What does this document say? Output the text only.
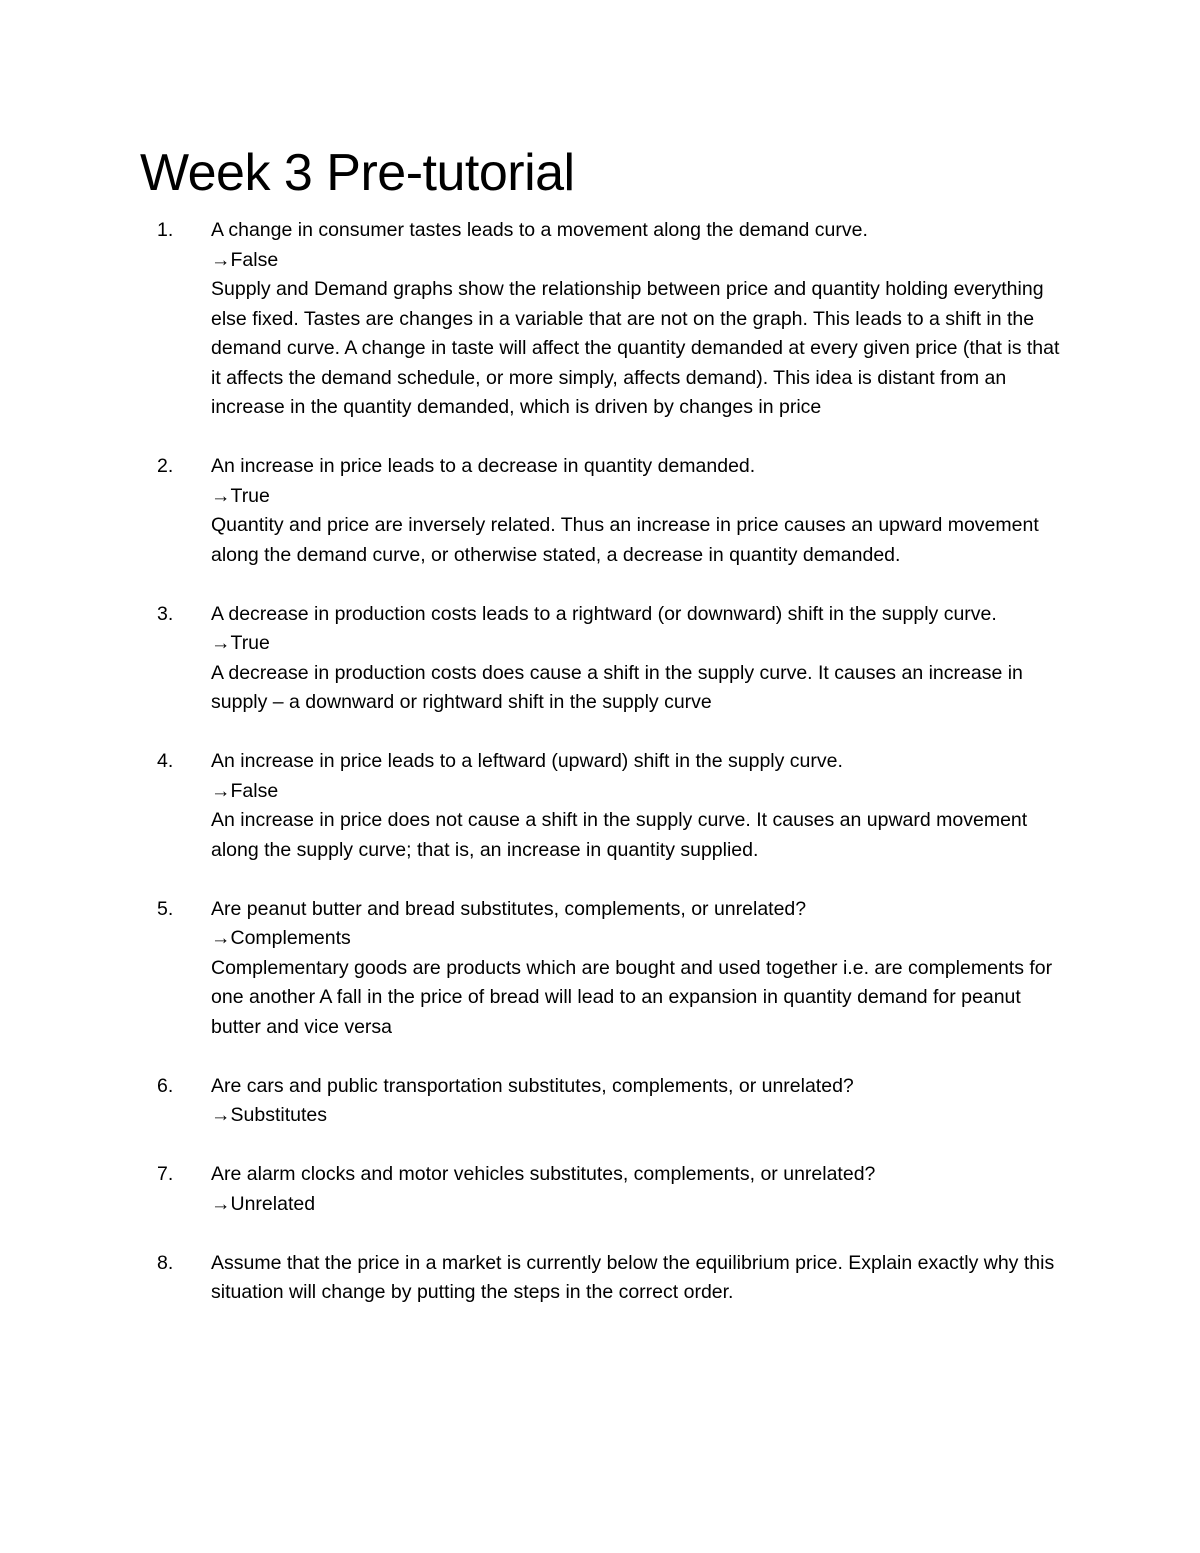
Week 3 Pre-tutorial
1. A change in consumer tastes leads to a movement along the demand curve.
→False
Supply and Demand graphs show the relationship between price and quantity holding everything else fixed. Tastes are changes in a variable that are not on the graph. This leads to a shift in the demand curve. A change in taste will affect the quantity demanded at every given price (that is that it affects the demand schedule, or more simply, affects demand). This idea is distant from an increase in the quantity demanded, which is driven by changes in price
2. An increase in price leads to a decrease in quantity demanded.
→True
Quantity and price are inversely related. Thus an increase in price causes an upward movement along the demand curve, or otherwise stated, a decrease in quantity demanded.
3. A decrease in production costs leads to a rightward (or downward) shift in the supply curve.
→True
A decrease in production costs does cause a shift in the supply curve. It causes an increase in supply – a downward or rightward shift in the supply curve
4. An increase in price leads to a leftward (upward) shift in the supply curve.
→False
An increase in price does not cause a shift in the supply curve. It causes an upward movement along the supply curve; that is, an increase in quantity supplied.
5. Are peanut butter and bread substitutes, complements, or unrelated?
→Complements
Complementary goods are products which are bought and used together i.e. are complements for one another A fall in the price of bread will lead to an expansion in quantity demand for peanut butter and vice versa
6. Are cars and public transportation substitutes, complements, or unrelated?
→Substitutes
7. Are alarm clocks and motor vehicles substitutes, complements, or unrelated?
→Unrelated
8. Assume that the price in a market is currently below the equilibrium price. Explain exactly why this situation will change by putting the steps in the correct order.
